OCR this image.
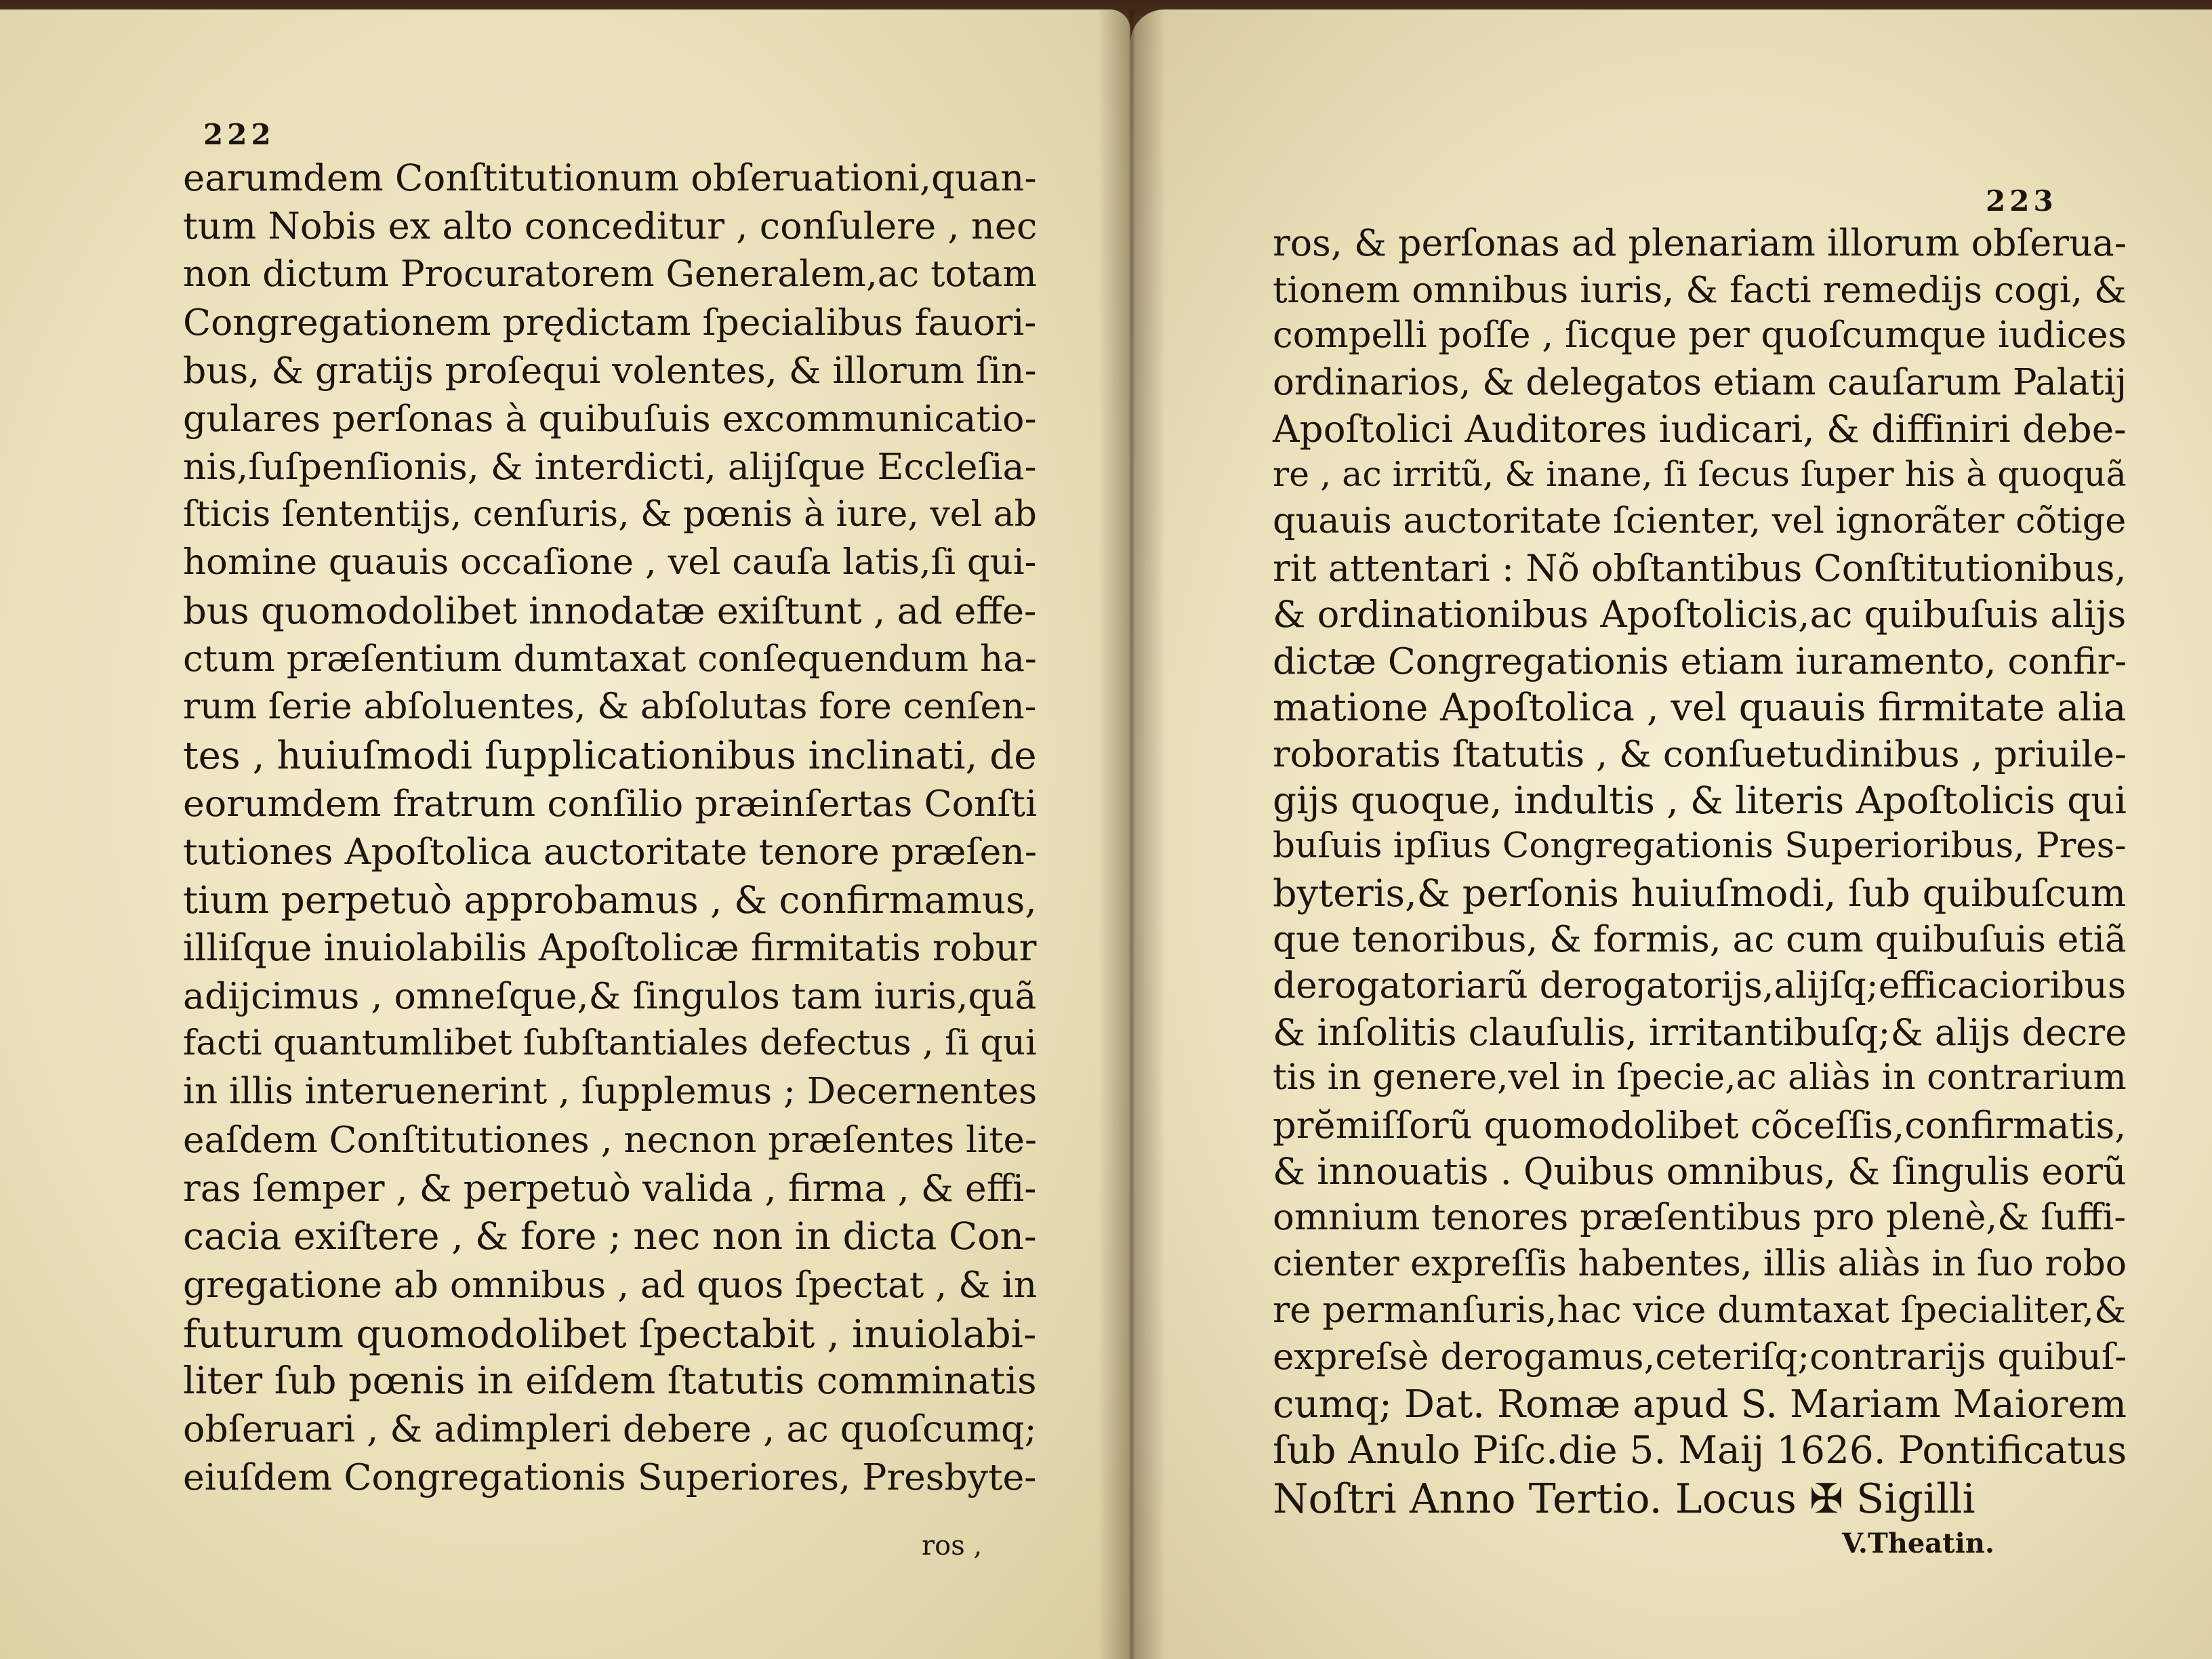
222
earumdem Conſtitutionum obſeruationi,quan-
tum Nobis ex alto conceditur , conſulere , nec
non dictum Procuratorem Generalem,ac totam
Congregationem prędictam ſpecialibus fauori-
bus, & gratijs proſequi volentes, & illorum ſin-
gulares perſonas à quibuſuis excommunicatio-
nis,ſuſpenſionis, & interdicti, alijſque Eccleſia-
ſticis ſententijs, cenſuris, & pœnis à iure, vel ab
homine quauis occaſione , vel cauſa latis,ſi qui-
bus quomodolibet innodatæ exiſtunt , ad effe-
ctum præſentium dumtaxat conſequendum ha-
rum ſerie abſoluentes, & abſolutas fore cenſen-
tes , huiuſmodi ſupplicationibus inclinati, de
eorumdem fratrum conſilio præinſertas Conſti
tutiones Apoſtolica auctoritate tenore præſen-
tium perpetuò approbamus , & confirmamus,
illiſque inuiolabilis Apoſtolicæ firmitatis robur
adijcimus , omneſque,& ſingulos tam iuris,quã
facti quantumlibet ſubſtantiales defectus , ſi qui
in illis interuenerint , ſupplemus ; Decernentes
eaſdem Conſtitutiones , necnon præſentes lite-
ras ſemper , & perpetuò valida , firma , & effi-
cacia exiſtere , & fore ; nec non in dicta Con-
gregatione ab omnibus , ad quos ſpectat , & in
futurum quomodolibet ſpectabit , inuiolabi-
liter ſub pœnis in eiſdem ſtatutis comminatis
obſeruari , & adimpleri debere , ac quoſcumq;
eiuſdem Congregationis Superiores, Presbyte-
ros ,
223
ros, & perſonas ad plenariam illorum obſerua-
tionem omnibus iuris, & facti remedijs cogi, &
compelli poſſe , ſicque per quoſcumque iudices
ordinarios, & delegatos etiam cauſarum Palatij
Apoſtolici Auditores iudicari, & diffiniri debe-
re , ac irritũ, & inane, ſi ſecus ſuper his à quoquã
quauis auctoritate ſcienter, vel ignorãter cõtige
rit attentari : Nõ obſtantibus Conſtitutionibus,
& ordinationibus Apoſtolicis,ac quibuſuis alijs
dictæ Congregationis etiam iuramento, confir-
matione Apoſtolica , vel quauis firmitate alia
roboratis ſtatutis , & conſuetudinibus , priuile-
gijs quoque, indultis , & literis Apoſtolicis qui
buſuis ipſius Congregationis Superioribus, Pres-
byteris,& perſonis huiuſmodi, ſub quibuſcum
que tenoribus, & formis, ac cum quibuſuis etiã
derogatoriarũ derogatorijs,alijſq;efficacioribus
& inſolitis clauſulis, irritantibuſq;& alijs decre
tis in genere,vel in ſpecie,ac aliàs in contrarium
prĕmiſſorũ quomodolibet cõceſſis,confirmatis,
& innouatis . Quibus omnibus, & ſingulis eorũ
omnium tenores præſentibus pro plenè,& ſuffi-
cienter expreſſis habentes, illis aliàs in ſuo robo
re permanſuris,hac vice dumtaxat ſpecialiter,&
expreſsè derogamus,ceteriſq;contrarijs quibuſ-
cumq; Dat. Romæ apud S. Mariam Maiorem
ſub Anulo Piſc.die 5. Maij 1626. Pontificatus
Noſtri Anno Tertio. Locus ✠ Sigilli
V.Theatin.
